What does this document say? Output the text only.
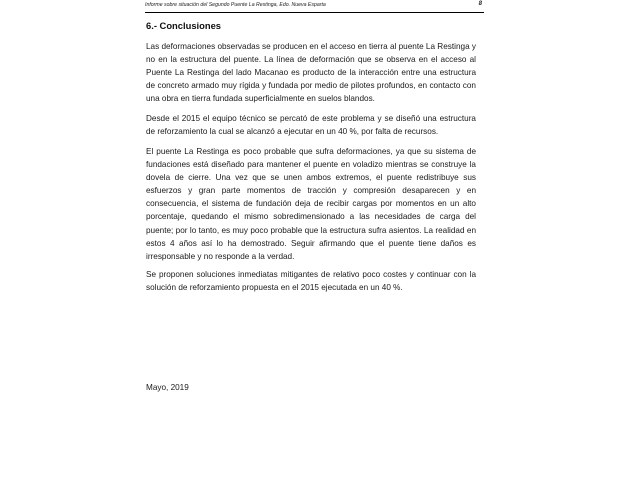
Informe sobre situación del Segundo Puente La Restinga, Edo. Nueva Esparta	8
6.- Conclusiones

Las deformaciones observadas se producen en el acceso en tierra al puente La Restinga y no en la estructura del puente. La línea de deformación que se observa en el acceso al Puente La Restinga del lado Macanao es producto de la interacción entre una estructura de concreto armado muy rígida y fundada por medio de pilotes profundos, en contacto con una obra en tierra fundada superficialmente en suelos blandos.

Desde el 2015 el equipo técnico se percató de este problema y se diseñó una estructura de reforzamiento la cual se alcanzó a ejecutar en un 40 %, por falta de recursos.

El puente La Restinga es poco probable que sufra deformaciones, ya que su sistema de fundaciones está diseñado para mantener el puente en voladizo mientras se construye la dovela de cierre. Una vez que se unen ambos extremos, el puente redistribuye sus esfuerzos y gran parte momentos de tracción y compresión desaparecen y en consecuencia, el sistema de fundación deja de recibir cargas por momentos en un alto porcentaje, quedando el mismo sobredimensionado a las necesidades de carga del puente; por lo tanto, es muy poco probable que la estructura sufra asientos. La realidad en estos 4 años así lo ha demostrado. Seguir afirmando que el puente tiene daños es irresponsable y no responde a la verdad.

Se proponen soluciones inmediatas mitigantes de relativo poco costes y continuar con la solución de reforzamiento propuesta en el 2015 ejecutada en un 40 %.

Mayo, 2019
